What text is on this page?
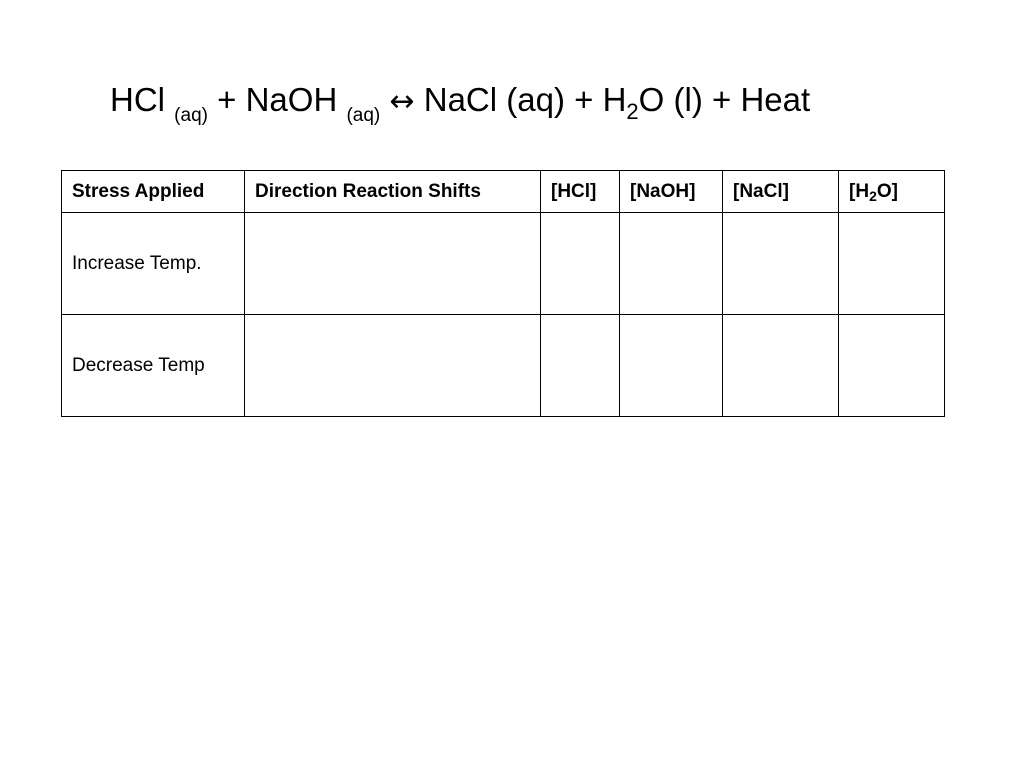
HCl $_{(aq)}$ + NaOH $_{(aq)}$ ↔ NaCl $(aq) + H_2O$ (l) + Heat
Stress Applied	Direction Reaction Shifts	[HCl]	[NaOH]	[NaCl]	$[H_2O]$
Increase Temp.					
Decrease Temp					
